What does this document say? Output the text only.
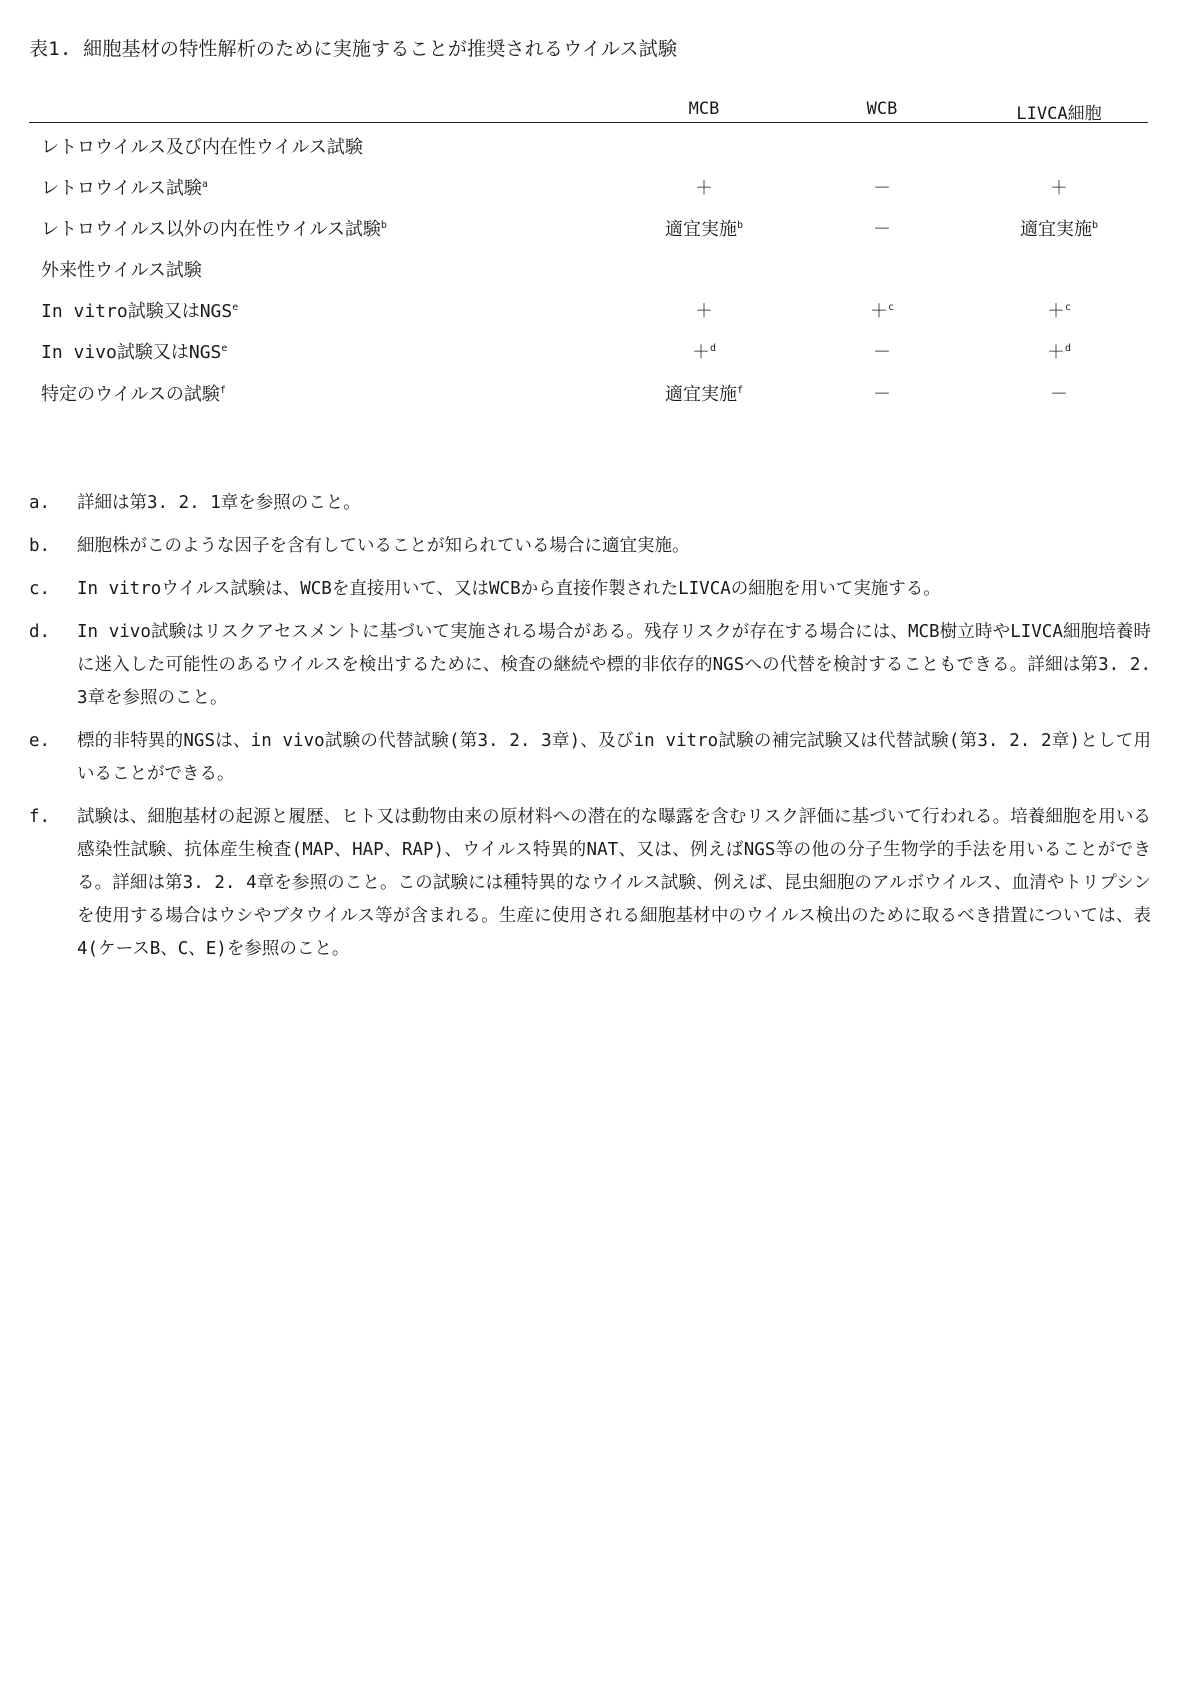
表1. 細胞基材の特性解析のために実施することが推奨されるウイルス試験
MCB	WCB	LIVCA細胞
レトロウイルス及び内在性ウイルス試験
レトロウイルス試験$^a$	＋	－	＋
レトロウイルス以外の内在性ウイルス試験$^b$	適宜実施$^b$	－	適宜実施$^b$
外来性ウイルス試験
In vitro試験又は$NGS^e$	＋	＋$^c$	＋$^c$
In vivo試験又は$NGS^e$	＋$^d$	－	＋$^d$
特定のウイルスの試験$^f$	適宜実施$^f$	－	－
a. 詳細は第3. 2. 1章を参照のこと。
b. 細胞株がこのような因子を含有していることが知られている場合に適宜実施。
c. In vitroウイルス試験は、WCBを直接用いて、又はWCBから直接作製されたLIVCAの細胞を用いて実施する。
d. In vivo試験はリスクアセスメントに基づいて実施される場合がある。残存リスクが存在する場合には、MCB樹立時やLIVCA細胞培養時に迷入した可能性のあるウイルスを検出するために、検査の継続や標的非依存的NGSへの代替を検討することもできる。詳細は第3. 2. 3章を参照のこと。
e. 標的非特異的NGSは、in vivo試験の代替試験(第3. 2. 3章)、及びin vitro試験の補完試験又は代替試験(第3. 2. 2章)として用いることができる。
f. 試験は、細胞基材の起源と履歴、ヒト又は動物由来の原材料への潜在的な曝露を含むリスク評価に基づいて行われる。培養細胞を用いる感染性試験、抗体産生検査(MAP、HAP、RAP)、ウイルス特異的NAT、又は、例えばNGS等の他の分子生物学的手法を用いることができる。詳細は第3. 2. 4章を参照のこと。この試験には種特異的なウイルス試験、例えば、昆虫細胞のアルボウイルス、血清やトリプシンを使用する場合はウシやブタウイルス等が含まれる。生産に使用される細胞基材中のウイルス検出のために取るべき措置については、表4(ケースB、C、E)を参照のこと。
